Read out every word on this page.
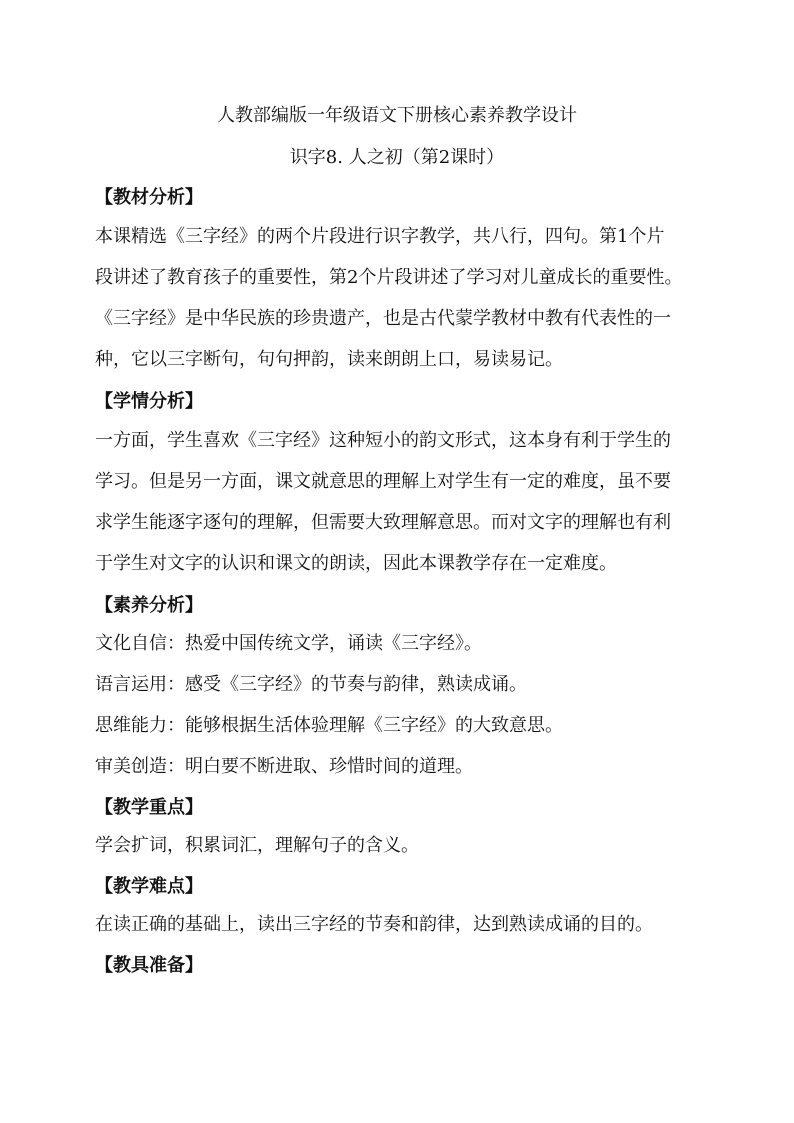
人教部编版一年级语文下册核心素养教学设计
识字8. 人之初（第2课时）
【教材分析】
本课精选《三字经》的两个片段进行识字教学，共八行，四句。第1个片
段讲述了教育孩子的重要性，第2个片段讲述了学习对儿童成长的重要性。
《三字经》是中华民族的珍贵遗产，也是古代蒙学教材中教有代表性的一
种，它以三字断句，句句押韵，读来朗朗上口，易读易记。
【学情分析】
一方面，学生喜欢《三字经》这种短小的韵文形式，这本身有利于学生的
学习。但是另一方面，课文就意思的理解上对学生有一定的难度，虽不要
求学生能逐字逐句的理解，但需要大致理解意思。而对文字的理解也有利
于学生对文字的认识和课文的朗读，因此本课教学存在一定难度。
【素养分析】
文化自信：热爱中国传统文学，诵读《三字经》。
语言运用：感受《三字经》的节奏与韵律，熟读成诵。
思维能力：能够根据生活体验理解《三字经》的大致意思。
审美创造：明白要不断进取、珍惜时间的道理。
【教学重点】
学会扩词，积累词汇，理解句子的含义。
【教学难点】
在读正确的基础上，读出三字经的节奏和韵律，达到熟读成诵的目的。
【教具准备】
